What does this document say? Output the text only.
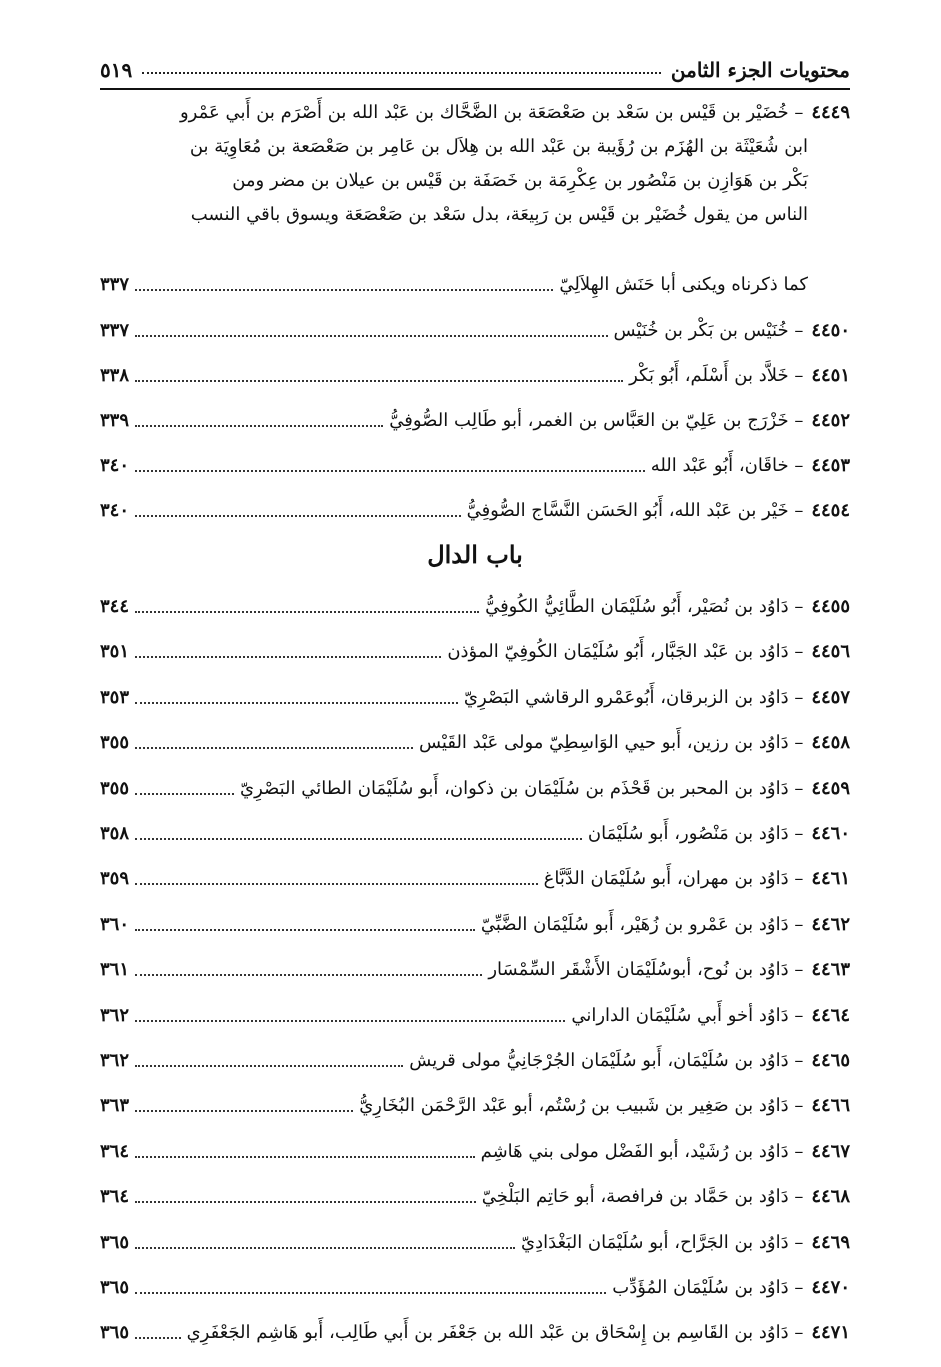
محتويات الجزء الثامن
٥١٩
٤٤٤٩– خُضَيْر بن قَيْس بن سَعْد بن صَعْصَعَة بن الضَّحَّاك بن عَبْد الله بن أَصْرَم بن أَبي عَمْرو
ابن شُعَيْثَة بن الهُزَم بن رُؤَيبة بن عَبْد الله بن هِلاَل بن عَامِر بن صَعْصَعة بن مُعَاوِيَة بن
بَكْر بن هَوَازِن بن مَنْصُور بن عِكْرِمَة بن خَصَفَة بن قَيْس بن عيلان بن مضر ومن
الناس من يقول خُضَيْر بن قَيْس بن رَبِيعَة، بدل سَعْد بن صَعْصَعَة ويسوق باقي النسب
كما ذكرناه ويكنى أبا حَنَش الهِلاَلِيّ
٣٣٧
٤٤٥٠
– خُنَيْس بن بَكْر بن خُنَيْس
٣٣٧
٤٤٥١
– خَلاَّد بن أَسْلَم، أَبُو بَكْر
٣٣٨
٤٤٥٢
– خَزْرَج بن عَلِيّ بن العَبَّاس بن الغمر، أبو طَالِب الصُّوفِيُّ
٣٣٩
٤٤٥٣
– خاقَان، أَبُو عَبْد الله
٣٤٠
٤٤٥٤
– خَيْر بن عَبْد الله، أَبُو الحَسَن النَّسَّاج الصُّوفِيُّ
٣٤٠
باب الدال
٤٤٥٥
– دَاوُد بن نُصَيْر، أَبُو سُلَيْمَان الطَّائِيُّ الكُوفِيُّ
٣٤٤
٤٤٥٦
– دَاوُد بن عَبْد الجَبَّار، أَبُو سُلَيْمَان الكُوفِيّ المؤذن
٣٥١
٤٤٥٧
– دَاوُد بن الزبرقان، أَبُوعَمْرو الرقاشي البَصْرِيّ
٣٥٣
٤٤٥٨
– دَاوُد بن رزين، أَبو حيي الوَاسِطِيّ مولى عَبْد القَيْس
٣٥٥
٤٤٥٩
– دَاوُد بن المحبر بن قَحْذَم بن سُلَيْمَان بن ذكوان، أَبو سُلَيْمَان الطائي البَصْرِيّ
٣٥٥
٤٤٦٠
– دَاوُد بن مَنْصُور، أَبو سُلَيْمَان
٣٥٨
٤٤٦١
– دَاوُد بن مهران، أَبو سُلَيْمَان الدَّبَّاغ
٣٥٩
٤٤٦٢
– دَاوُد بن عَمْرو بن زُهَيْر، أَبو سُلَيْمَان الضَّبِّيّ
٣٦٠
٤٤٦٣
– دَاوُد بن نُوح، أبوسُلَيْمَان الأَشْقَر السِّمْسَار
٣٦١
٤٤٦٤
– دَاوُد أخو أَبي سُلَيْمَان الداراني
٣٦٢
٤٤٦٥
– دَاوُد بن سُلَيْمَان، أَبو سُلَيْمَان الجُرْجَانِيُّ مولى قريش
٣٦٢
٤٤٦٦
– دَاوُد بن صَغِير بن شَبيب بن رُسْتُم، أبو عَبْد الرَّحْمَن البُخَارِيُّ
٣٦٣
٤٤٦٧
– دَاوُد بن رُشَيْد، أبو الفَضْل مولى بني هَاشِم
٣٦٤
٤٤٦٨
– دَاوُد بن حَمَّاد بن فرافصة، أبو حَاتِم البَلْخِيّ
٣٦٤
٤٤٦٩
– دَاوُد بن الجَرَّاح، أبو سُلَيْمَان البَغْدَادِيّ
٣٦٥
٤٤٧٠
– دَاوُد بن سُلَيْمَان المُؤَدِّب
٣٦٥
٤٤٧١
– دَاوُد بن القَاسِم بن إِسْحَاق بن عَبْد الله بن جَعْفَر بن أَبي طَالِب، أَبو هَاشِم الجَعْفَرِي
٣٦٥
